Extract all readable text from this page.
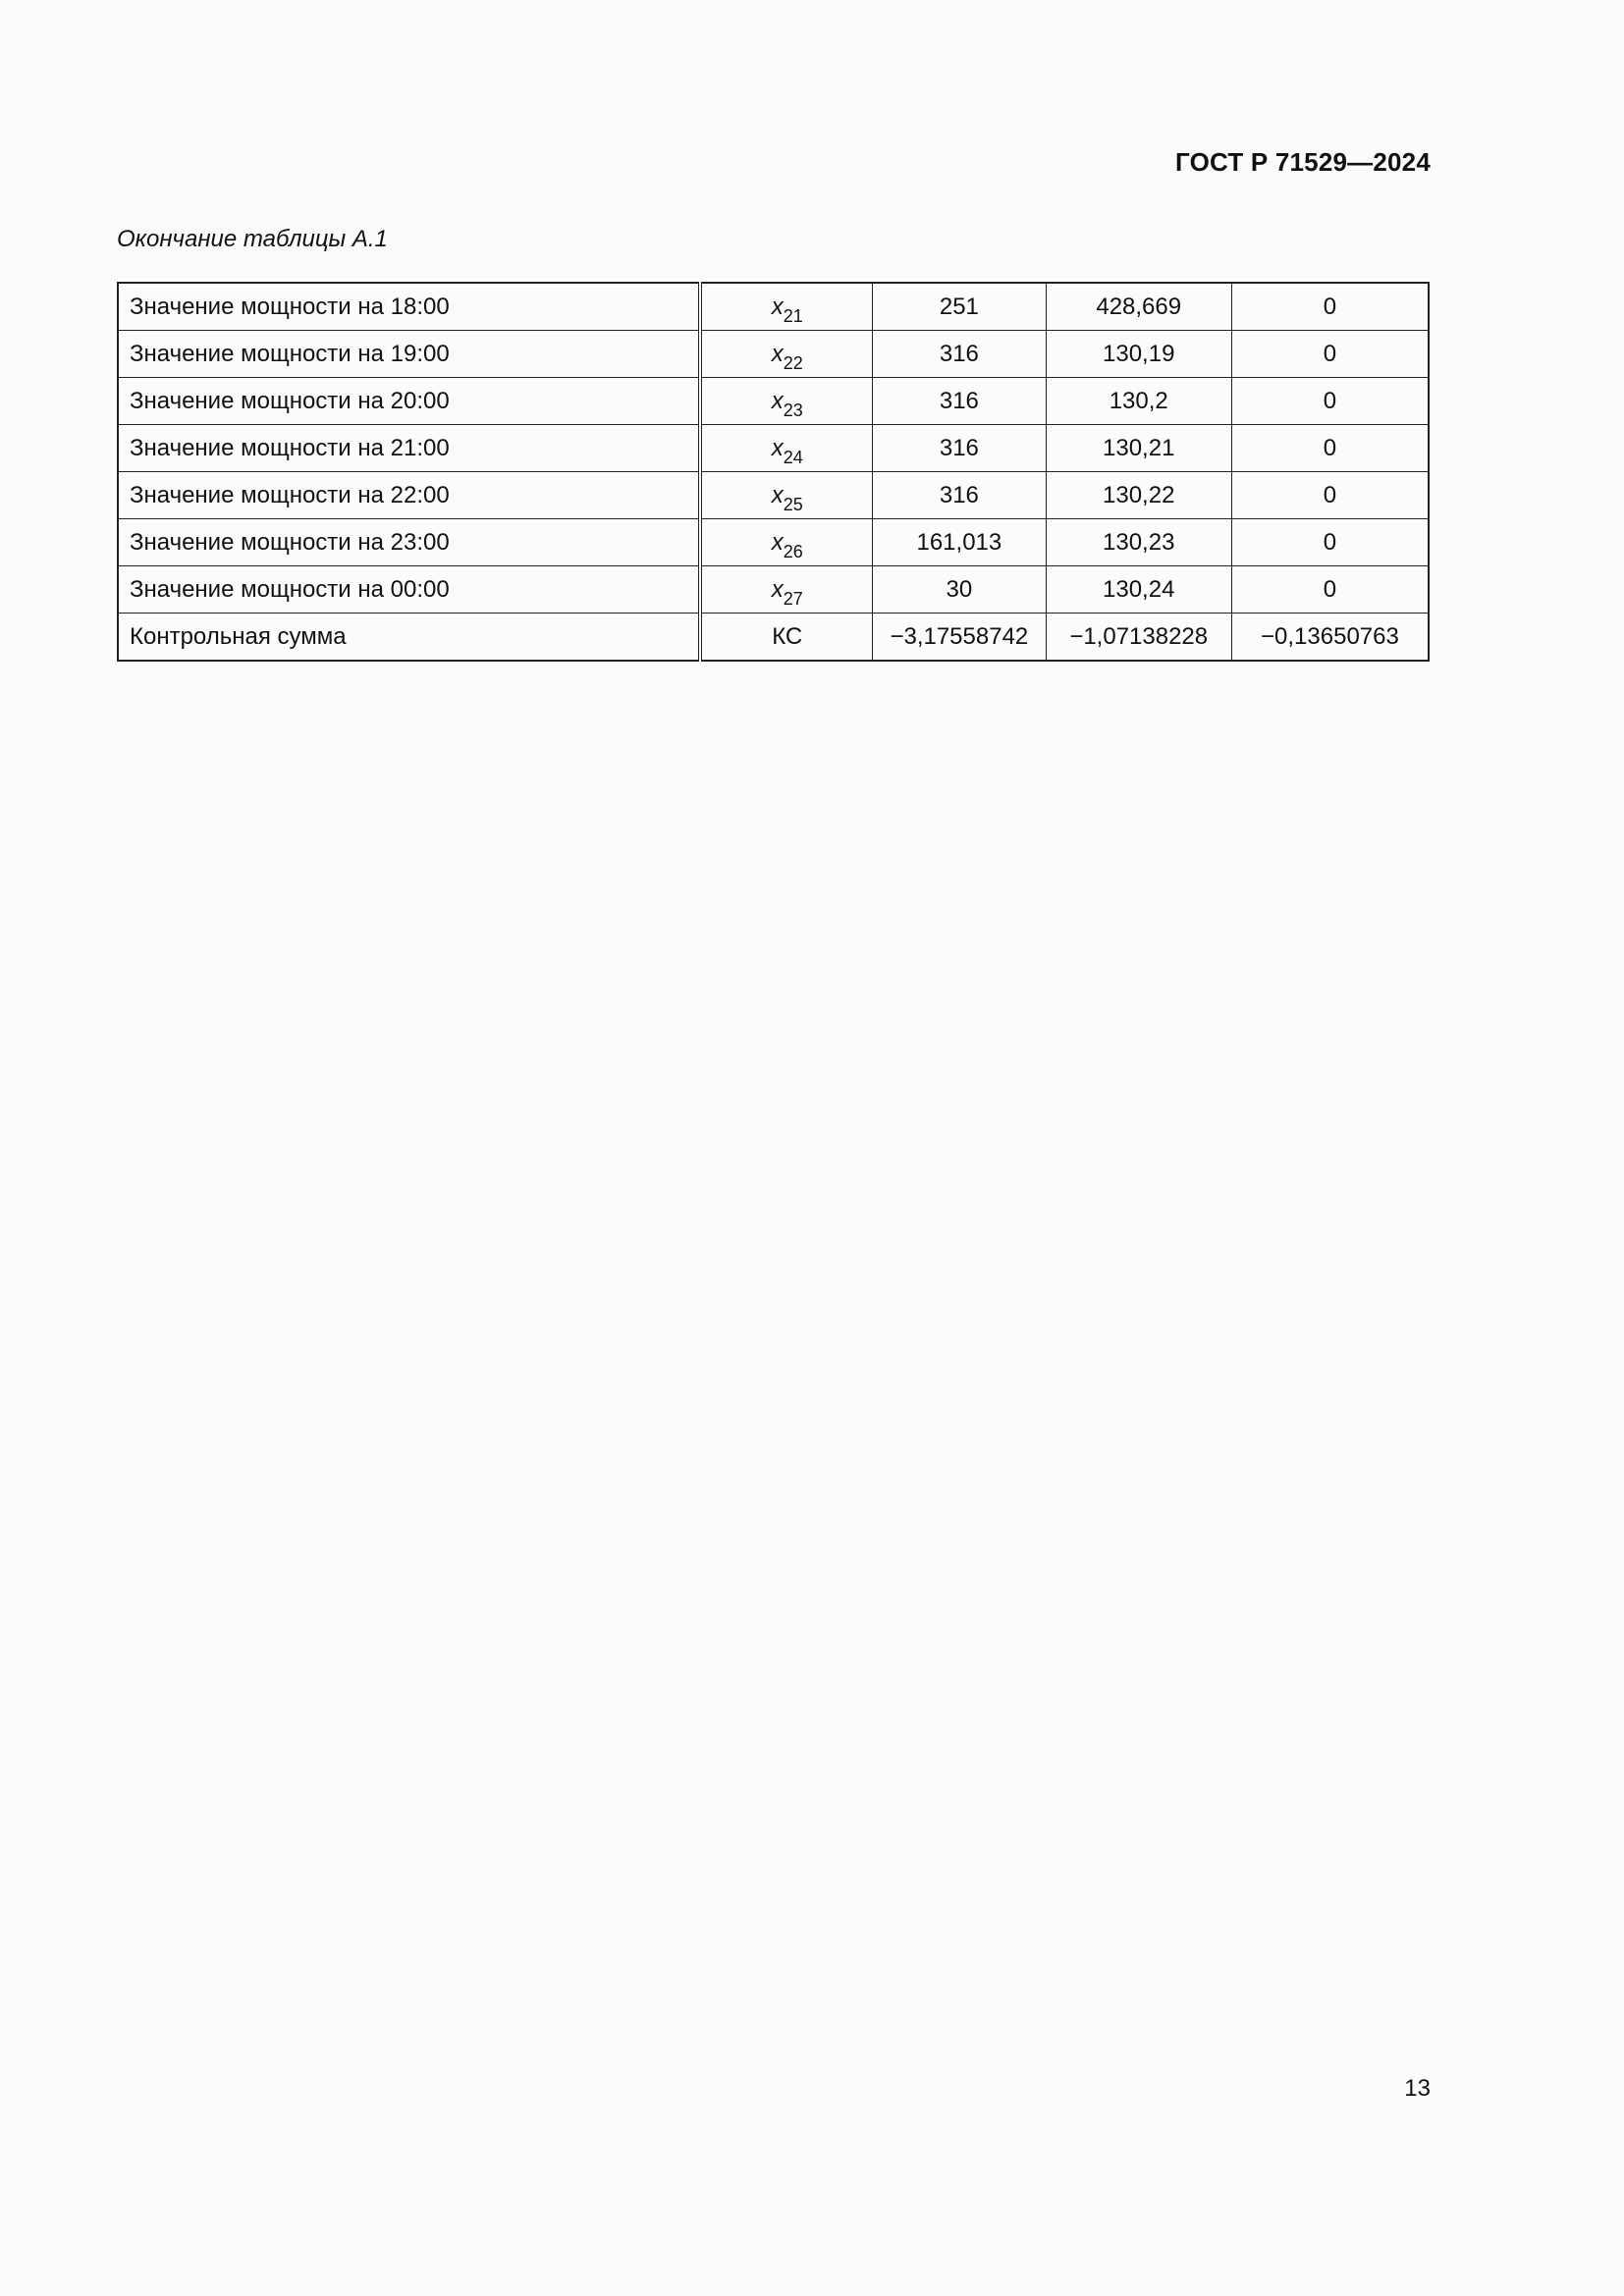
ГОСТ Р 71529—2024
Окончание таблицы А.1
Значение мощности на 18:00	$x_{21}$	251	428,669	0
Значение мощности на 19:00	$x_{22}$	316	130,19	0
Значение мощности на 20:00	$x_{23}$	316	130,2	0
Значение мощности на 21:00	$x_{24}$	316	130,21	0
Значение мощности на 22:00	$x_{25}$	316	130,22	0
Значение мощности на 23:00	$x_{26}$	161,013	130,23	0
Значение мощности на 00:00	$x_{27}$	30	130,24	0
Контрольная сумма	КС	−3,17558742	−1,07138228	−0,13650763
13
